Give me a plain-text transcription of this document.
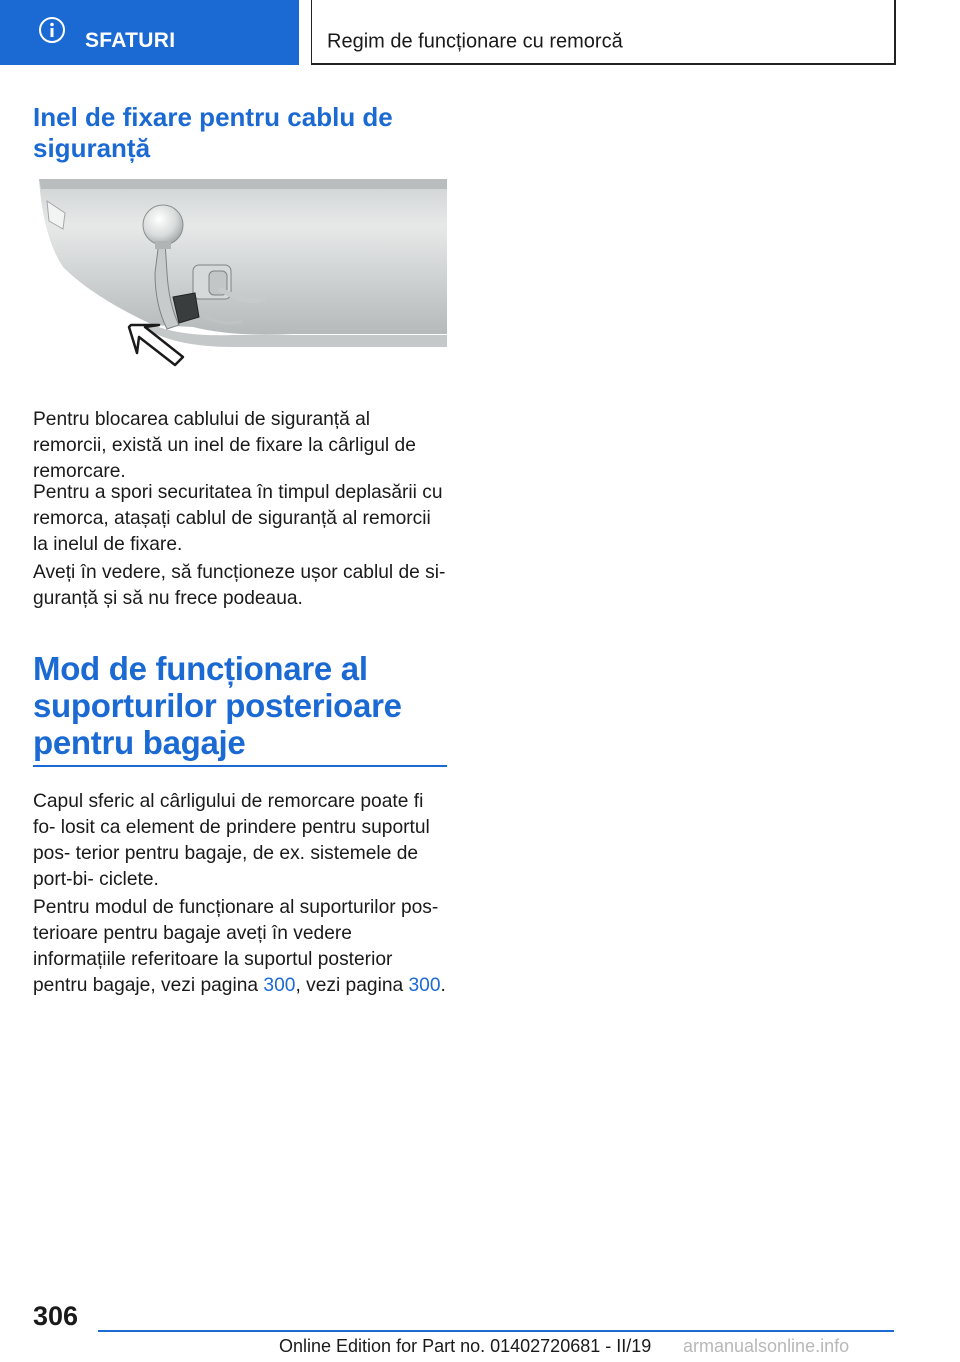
SFATURI	Regim de funcționare cu remorcă
Inel de fixare pentru cablu de siguranță
Pentru blocarea cablului de siguranță al remorcii, există un inel de fixare la cârligul de remorcare.
Pentru a spori securitatea în timpul deplasării cu remorca, atașați cablul de siguranță al remorcii la inelul de fixare.
Aveți în vedere, să funcționeze ușor cablul de si- guranță și să nu frece podeaua.
Mod de funcționare al suporturilor posterioare pentru bagaje
Capul sferic al cârligului de remorcare poate fi fo- losit ca element de prindere pentru suportul pos- terior pentru bagaje, de ex. sistemele de port-bi- ciclete.
Pentru modul de funcționare al suporturilor pos- terioare pentru bagaje aveți în vedere informațiile referitoare la suportul posterior pentru bagaje, vezi pagina 300, vezi pagina 300.
306
Online Edition for Part no. 01402720681 - II/19 armanualsonline.info
